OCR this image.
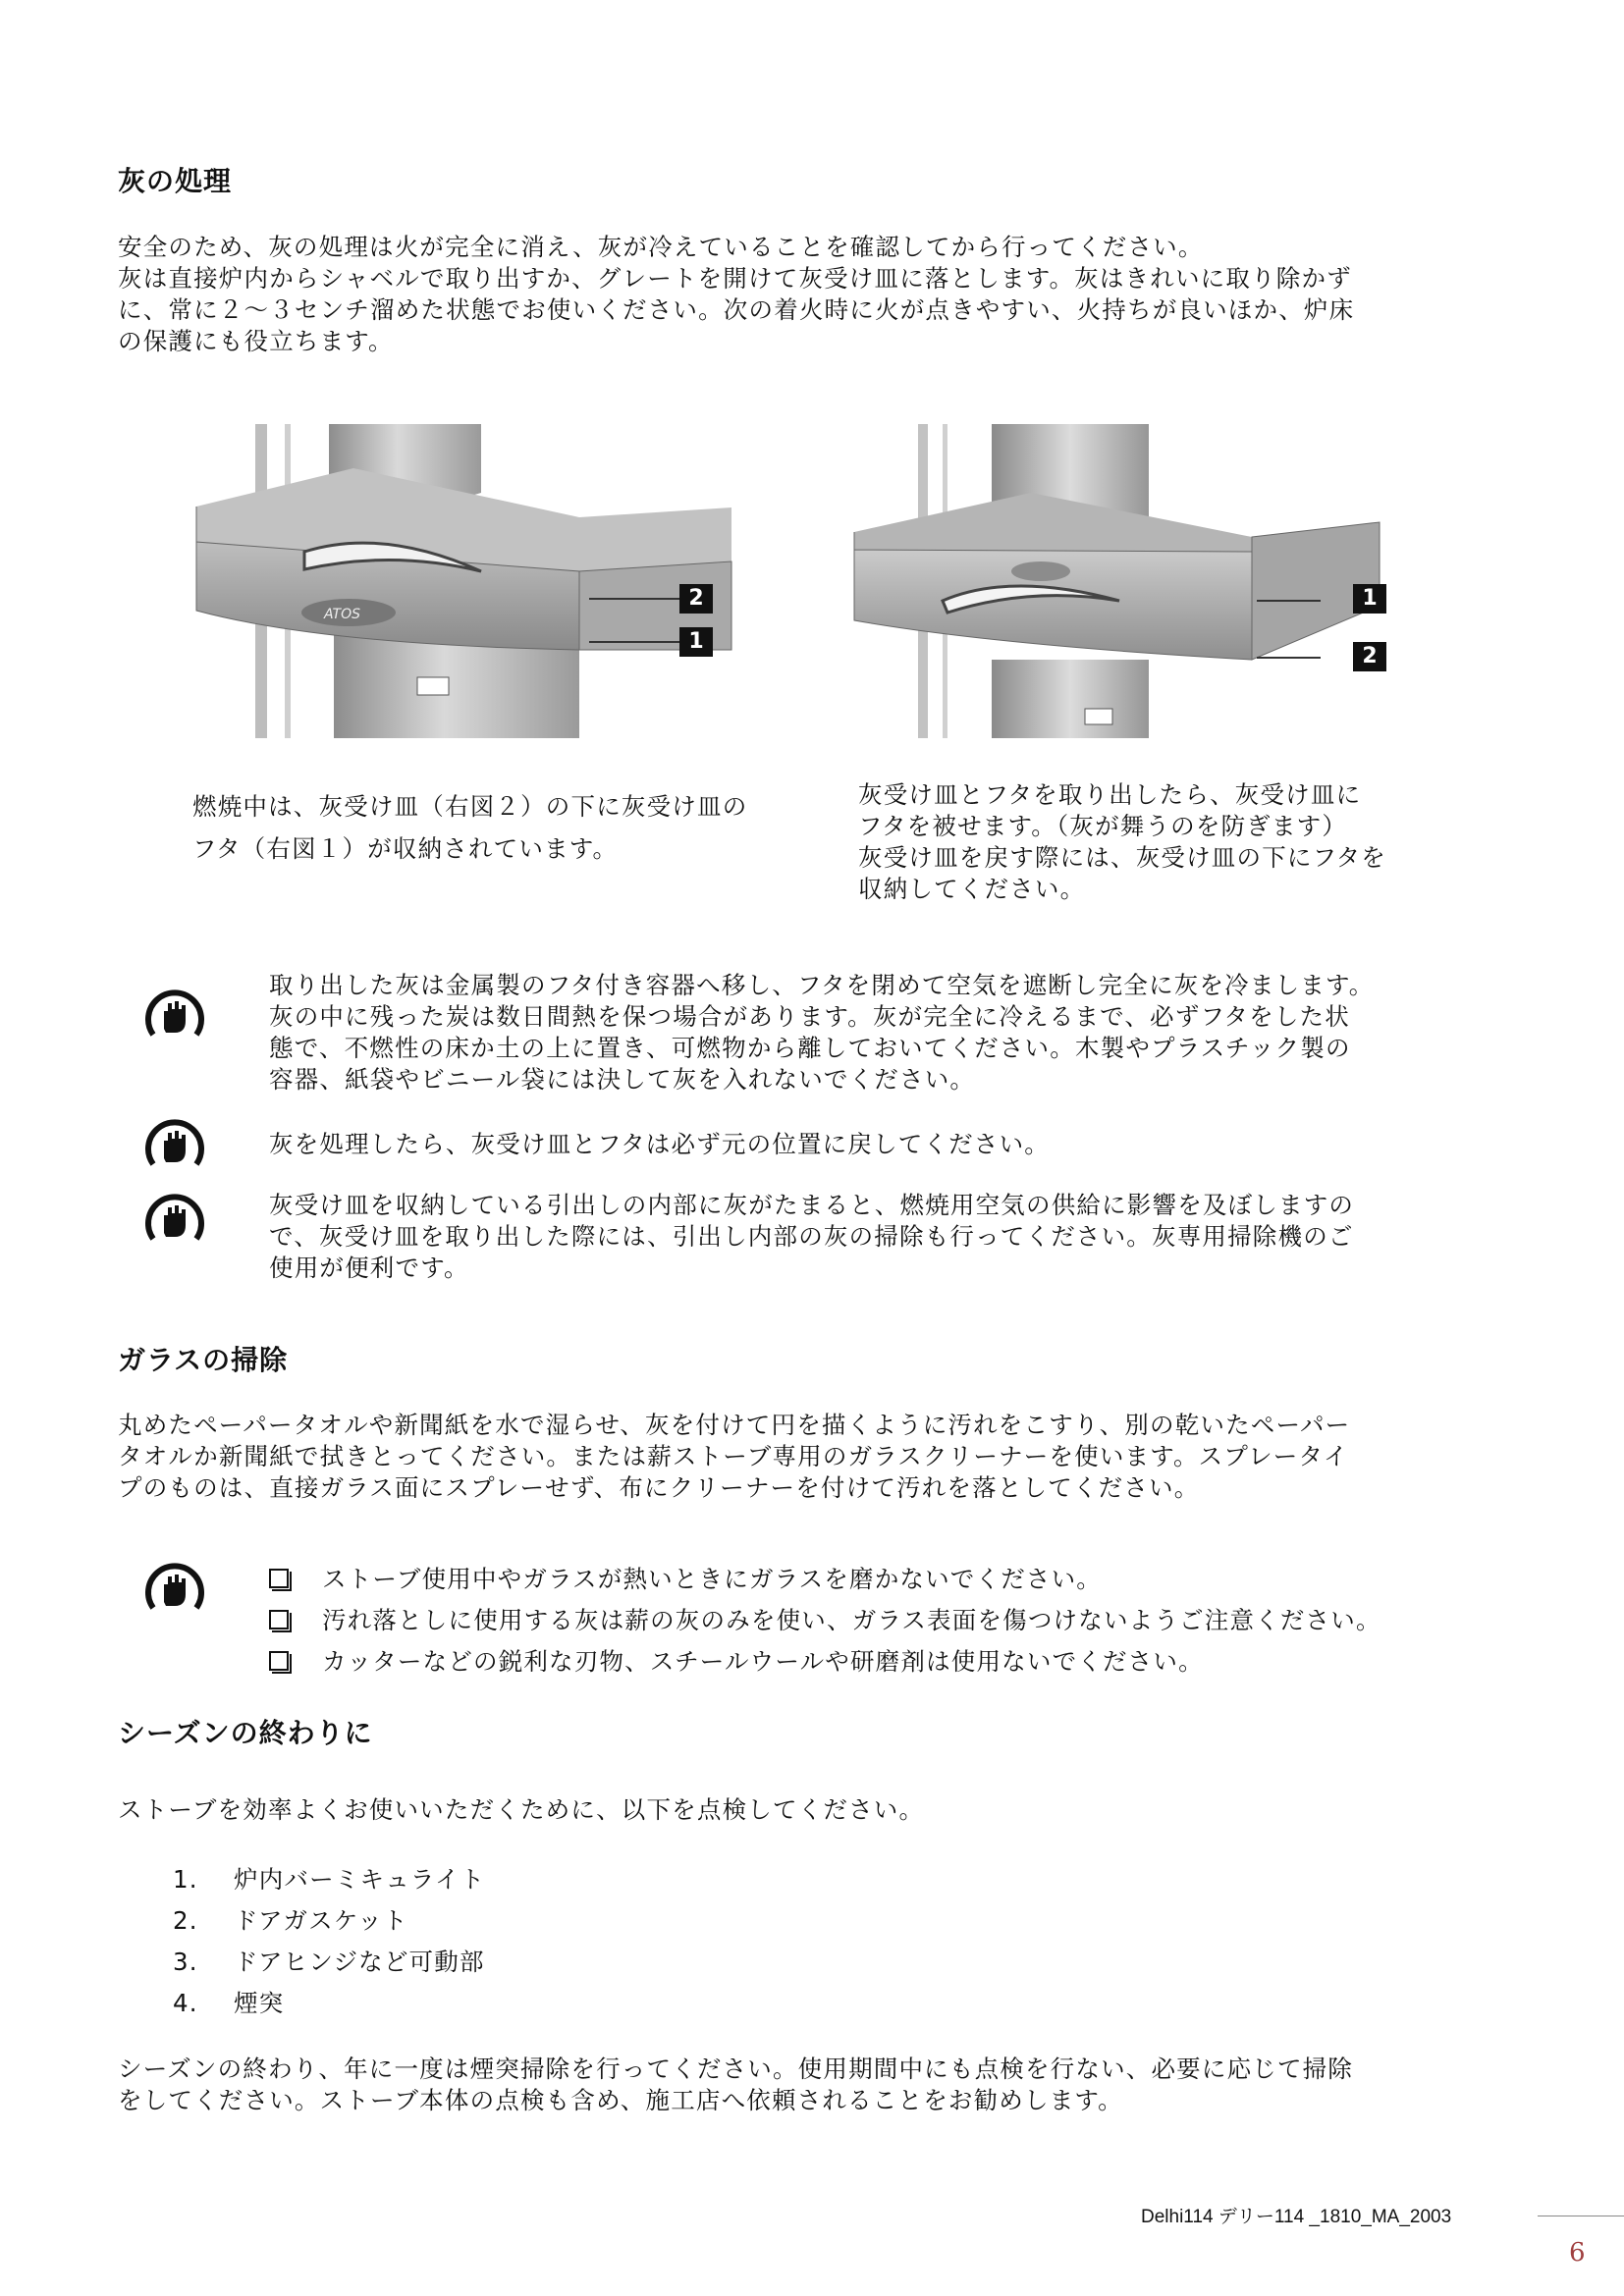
灰の処理
安全のため、灰の処理は火が完全に消え、灰が冷えていることを確認してから行ってください。
灰は直接炉内からシャベルで取り出すか、グレートを開けて灰受け皿に落とします。灰はきれいに取り除かず
に、常に２～３センチ溜めた状態でお使いください。次の着火時に火が点きやすい、火持ちが良いほか、炉床
の保護にも役立ちます。
ATOS
2
1
1
2
燃焼中は、灰受け皿（右図２）の下に灰受け皿の
フタ（右図１）が収納されています。
灰受け皿とフタを取り出したら、灰受け皿に
フタを被せます。（灰が舞うのを防ぎます）
灰受け皿を戻す際には、灰受け皿の下にフタを
収納してください。
取り出した灰は金属製のフタ付き容器へ移し、フタを閉めて空気を遮断し完全に灰を冷まします。
灰の中に残った炭は数日間熱を保つ場合があります。灰が完全に冷えるまで、必ずフタをした状
態で、不燃性の床か土の上に置き、可燃物から離しておいてください。木製やプラスチック製の
容器、紙袋やビニール袋には決して灰を入れないでください。
灰を処理したら、灰受け皿とフタは必ず元の位置に戻してください。
灰受け皿を収納している引出しの内部に灰がたまると、燃焼用空気の供給に影響を及ぼしますの
で、灰受け皿を取り出した際には、引出し内部の灰の掃除も行ってください。灰専用掃除機のご
使用が便利です。
ガラスの掃除
丸めたペーパータオルや新聞紙を水で湿らせ、灰を付けて円を描くように汚れをこすり、別の乾いたペーパー
タオルか新聞紙で拭きとってください。または薪ストーブ専用のガラスクリーナーを使います。スプレータイ
プのものは、直接ガラス面にスプレーせず、布にクリーナーを付けて汚れを落としてください。
ストーブ使用中やガラスが熱いときにガラスを磨かないでください。
汚れ落としに使用する灰は薪の灰のみを使い、ガラス表面を傷つけないようご注意ください。
カッターなどの鋭利な刃物、スチールウールや研磨剤は使用ないでください。
シーズンの終わりに
ストーブを効率よくお使いいただくために、以下を点検してください。
1. 炉内バーミキュライト
2. ドアガスケット
3. ドアヒンジなど可動部
4. 煙突
シーズンの終わり、年に一度は煙突掃除を行ってください。使用期間中にも点検を行ない、必要に応じて掃除
をしてください。ストーブ本体の点検も含め、施工店へ依頼されることをお勧めします。
Delhi114 デリー114 _1810_MA_2003
6
